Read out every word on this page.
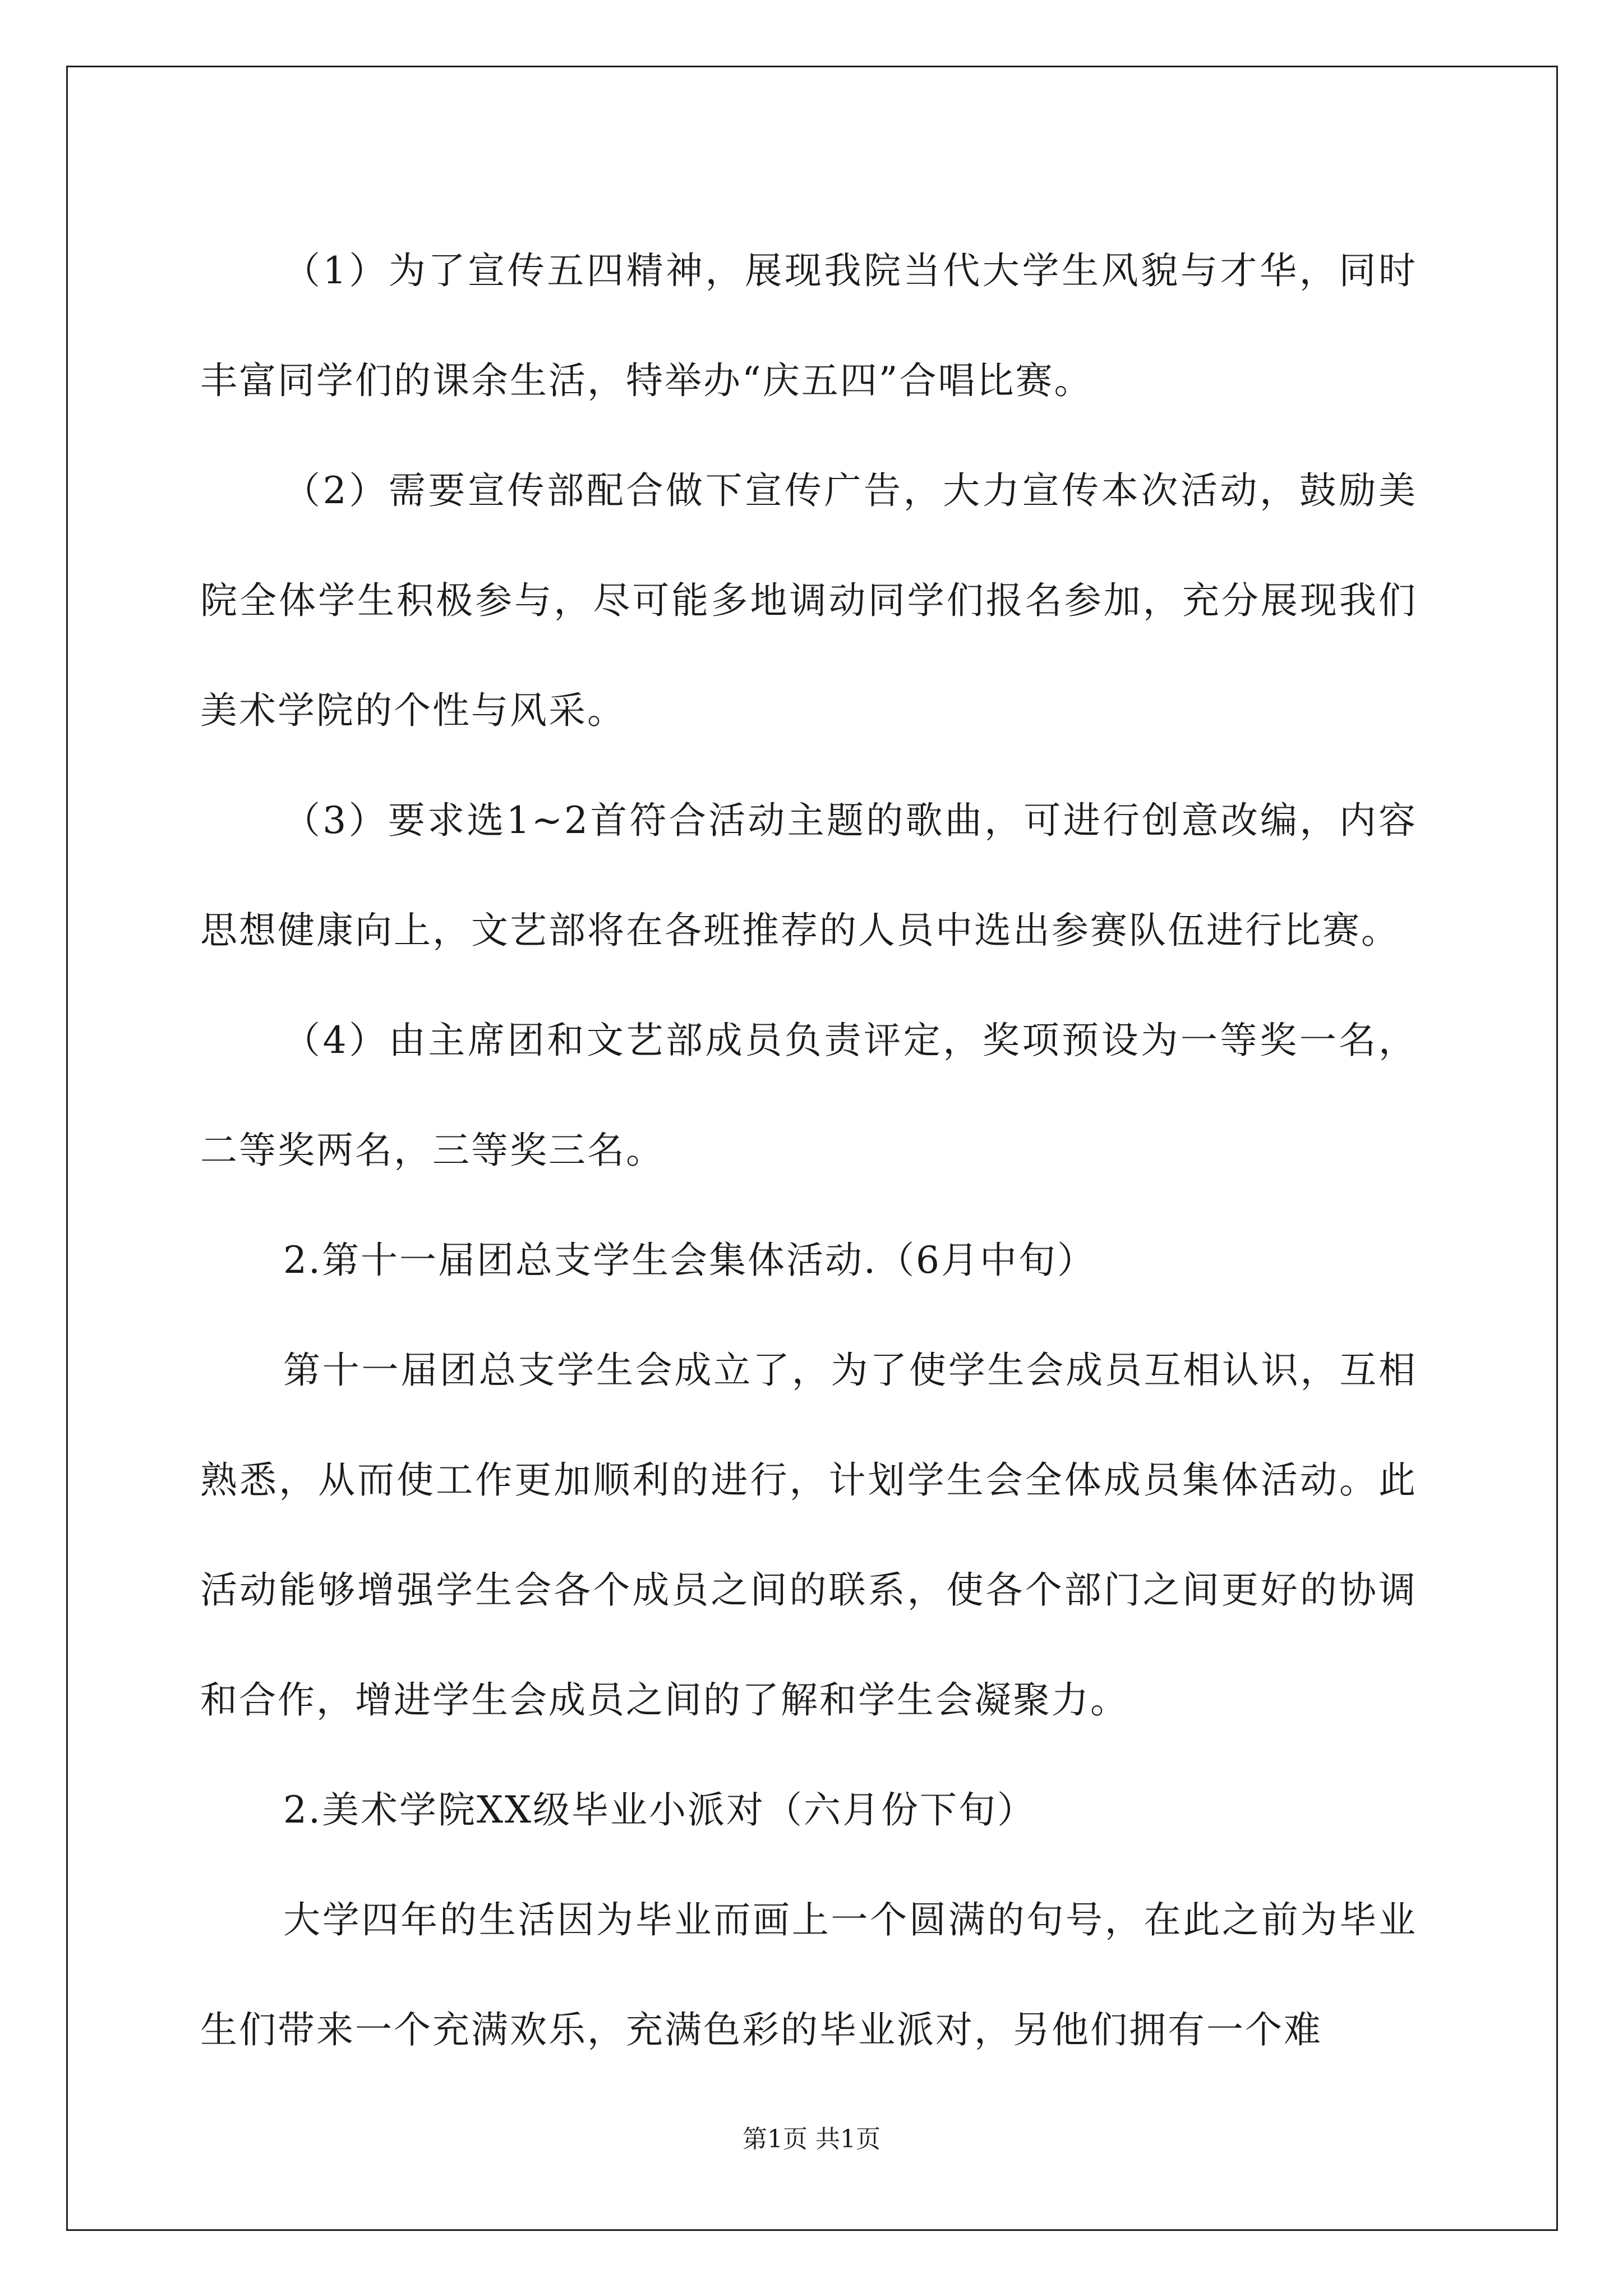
（1）为了宣传五四精神，展现我院当代大学生风貌与才华，同时丰富同学们的课余生活，特举办“庆五四”合唱比赛。

（2）需要宣传部配合做下宣传广告，大力宣传本次活动，鼓励美院全体学生积极参与，尽可能多地调动同学们报名参加，充分展现我们美术学院的个性与风采。

（3）要求选1~2首符合活动主题的歌曲，可进行创意改编，内容思想健康向上，文艺部将在各班推荐的人员中选出参赛队伍进行比赛。

（4）由主席团和文艺部成员负责评定，奖项预设为一等奖一名，二等奖两名，三等奖三名。

2.第十一届团总支学生会集体活动.（6月中旬）

第十一届团总支学生会成立了，为了使学生会成员互相认识，互相熟悉，从而使工作更加顺利的进行，计划学生会全体成员集体活动。此活动能够增强学生会各个成员之间的联系，使各个部门之间更好的协调和合作，增进学生会成员之间的了解和学生会凝聚力。

2.美术学院XX级毕业小派对（六月份下旬）

大学四年的生活因为毕业而画上一个圆满的句号，在此之前为毕业生们带来一个充满欢乐，充满色彩的毕业派对，另他们拥有一个难

第1页 共1页
